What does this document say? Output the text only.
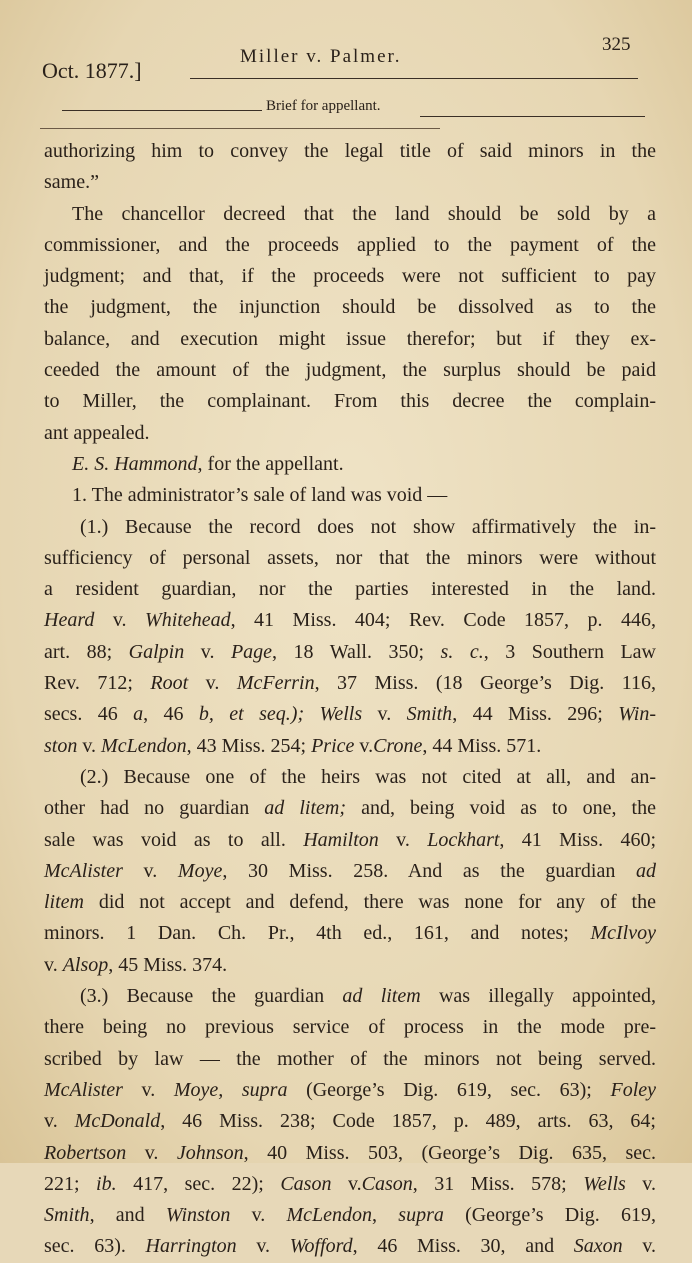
Oct. 1877.]
Miller v. Palmer.
325
Brief for appellant.
authorizing him to convey the legal title of said minors in the
same.”
The chancellor decreed that the land should be sold by a
commissioner, and the proceeds applied to the payment of the
judgment; and that, if the proceeds were not sufficient to pay
the judgment, the injunction should be dissolved as to the
balance, and execution might issue therefor; but if they ex-
ceeded the amount of the judgment, the surplus should be paid
to Miller, the complainant. From this decree the complain-
ant appealed.
E. S. Hammond, for the appellant.
1. The administrator’s sale of land was void —
(1.) Because the record does not show affirmatively the in-
sufficiency of personal assets, nor that the minors were without
a resident guardian, nor the parties interested in the land.
Heard v. Whitehead, 41 Miss. 404; Rev. Code 1857, p. 446,
art. 88; Galpin v. Page, 18 Wall. 350; s. c., 3 Southern Law
Rev. 712; Root v. McFerrin, 37 Miss. (18 George’s Dig. 116,
secs. 46 a, 46 b, et seq.); Wells v. Smith, 44 Miss. 296; Win-
ston v. McLendon, 43 Miss. 254; Price v.Crone, 44 Miss. 571.
(2.) Because one of the heirs was not cited at all, and an-
other had no guardian ad litem; and, being void as to one, the
sale was void as to all. Hamilton v. Lockhart, 41 Miss. 460;
McAlister v. Moye, 30 Miss. 258. And as the guardian ad
litem did not accept and defend, there was none for any of the
minors. 1 Dan. Ch. Pr., 4th ed., 161, and notes; McIlvoy
v. Alsop, 45 Miss. 374.
(3.) Because the guardian ad litem was illegally appointed,
there being no previous service of process in the mode pre-
scribed by law — the mother of the minors not being served.
McAlister v. Moye, supra (George’s Dig. 619, sec. 63); Foley
v. McDonald, 46 Miss. 238; Code 1857, p. 489, arts. 63, 64;
Robertson v. Johnson, 40 Miss. 503, (George’s Dig. 635, sec.
221; ib. 417, sec. 22); Cason v.Cason, 31 Miss. 578; Wells v.
Smith, and Winston v. McLendon, supra (George’s Dig. 619,
sec. 63). Harrington v. Wofford, 46 Miss. 30, and Saxon v.
